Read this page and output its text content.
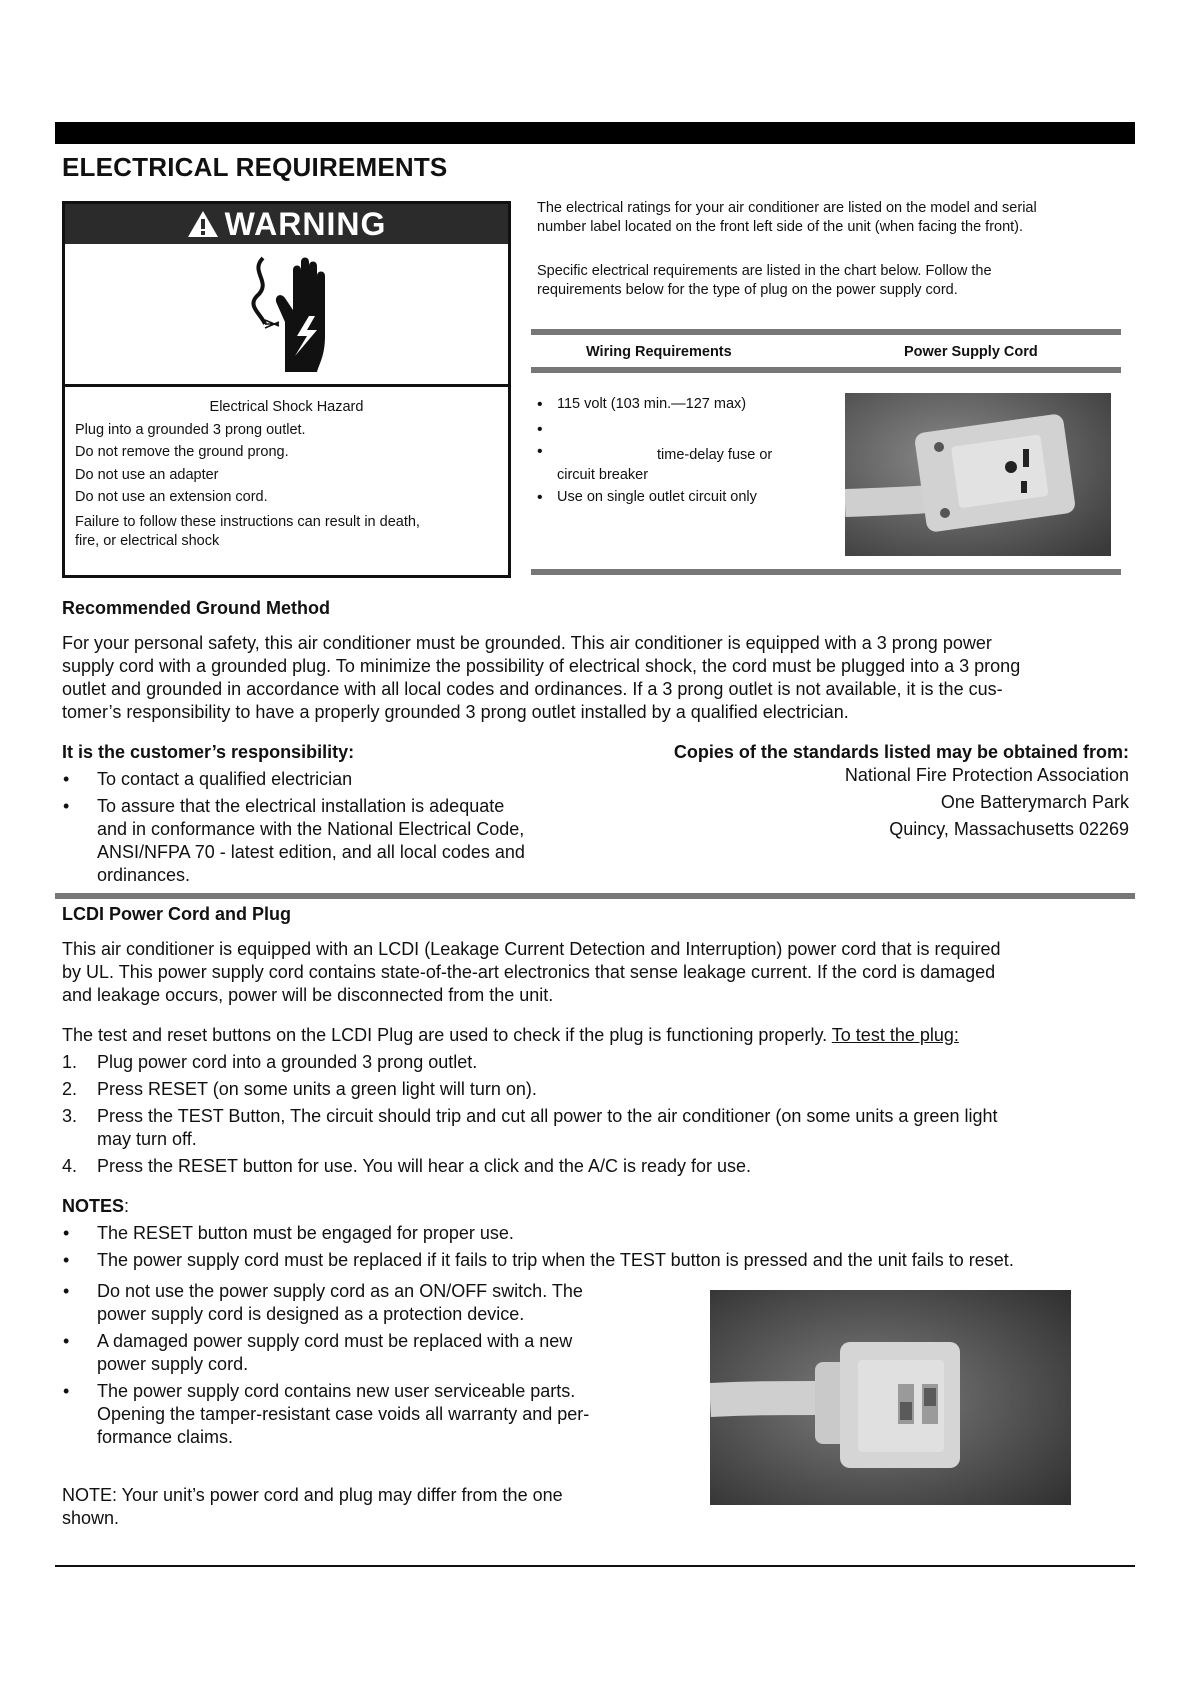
ELECTRICAL REQUIREMENTS
WARNING
Electrical Shock Hazard
Plug into a grounded 3 prong outlet.
Do not remove the ground prong.
Do not use an adapter
Do not use an extension cord.
Failure to follow these instructions can result in death,
fire, or electrical shock
The electrical ratings for your air conditioner are listed on the model and serial
number label located on the front left side of the unit (when facing the front).
Specific electrical requirements are listed in the chart below. Follow the
requirements below for the type of plug on the power supply cord.
Wiring Requirements	Power Supply Cord
• 115 volt (103 min.—127 max)
•
• time-delay fuse or
circuit breaker
• Use on single outlet circuit only
Recommended Ground Method
For your personal safety, this air conditioner must be grounded. This air conditioner is equipped with a 3 prong power
supply cord with a grounded plug. To minimize the possibility of electrical shock, the cord must be plugged into a 3 prong
outlet and grounded in accordance with all local codes and ordinances. If a 3 prong outlet is not available, it is the cus-
tomer’s responsibility to have a properly grounded 3 prong outlet installed by a qualified electrician.
It is the customer’s responsibility:
• To contact a qualified electrician
• To assure that the electrical installation is adequate
and in conformance with the National Electrical Code,
ANSI/NFPA 70 - latest edition, and all local codes and
ordinances.
Copies of the standards listed may be obtained from:
National Fire Protection Association
One Batterymarch Park
Quincy, Massachusetts 02269
LCDI Power Cord and Plug
This air conditioner is equipped with an LCDI (Leakage Current Detection and Interruption) power cord that is required
by UL. This power supply cord contains state-of-the-art electronics that sense leakage current. If the cord is damaged
and leakage occurs, power will be disconnected from the unit.
The test and reset buttons on the LCDI Plug are used to check if the plug is functioning properly. To test the plug:
1. Plug power cord into a grounded 3 prong outlet.
2. Press RESET (on some units a green light will turn on).
3. Press the TEST Button, The circuit should trip and cut all power to the air conditioner (on some units a green light
may turn off.
4. Press the RESET button for use. You will hear a click and the A/C is ready for use.
NOTES:
• The RESET button must be engaged for proper use.
• The power supply cord must be replaced if it fails to trip when the TEST button is pressed and the unit fails to reset.
• Do not use the power supply cord as an ON/OFF switch. The
power supply cord is designed as a protection device.
• A damaged power supply cord must be replaced with a new
power supply cord.
• The power supply cord contains new user serviceable parts.
Opening the tamper-resistant case voids all warranty and per-
formance claims.
NOTE: Your unit’s power cord and plug may differ from the one
shown.
